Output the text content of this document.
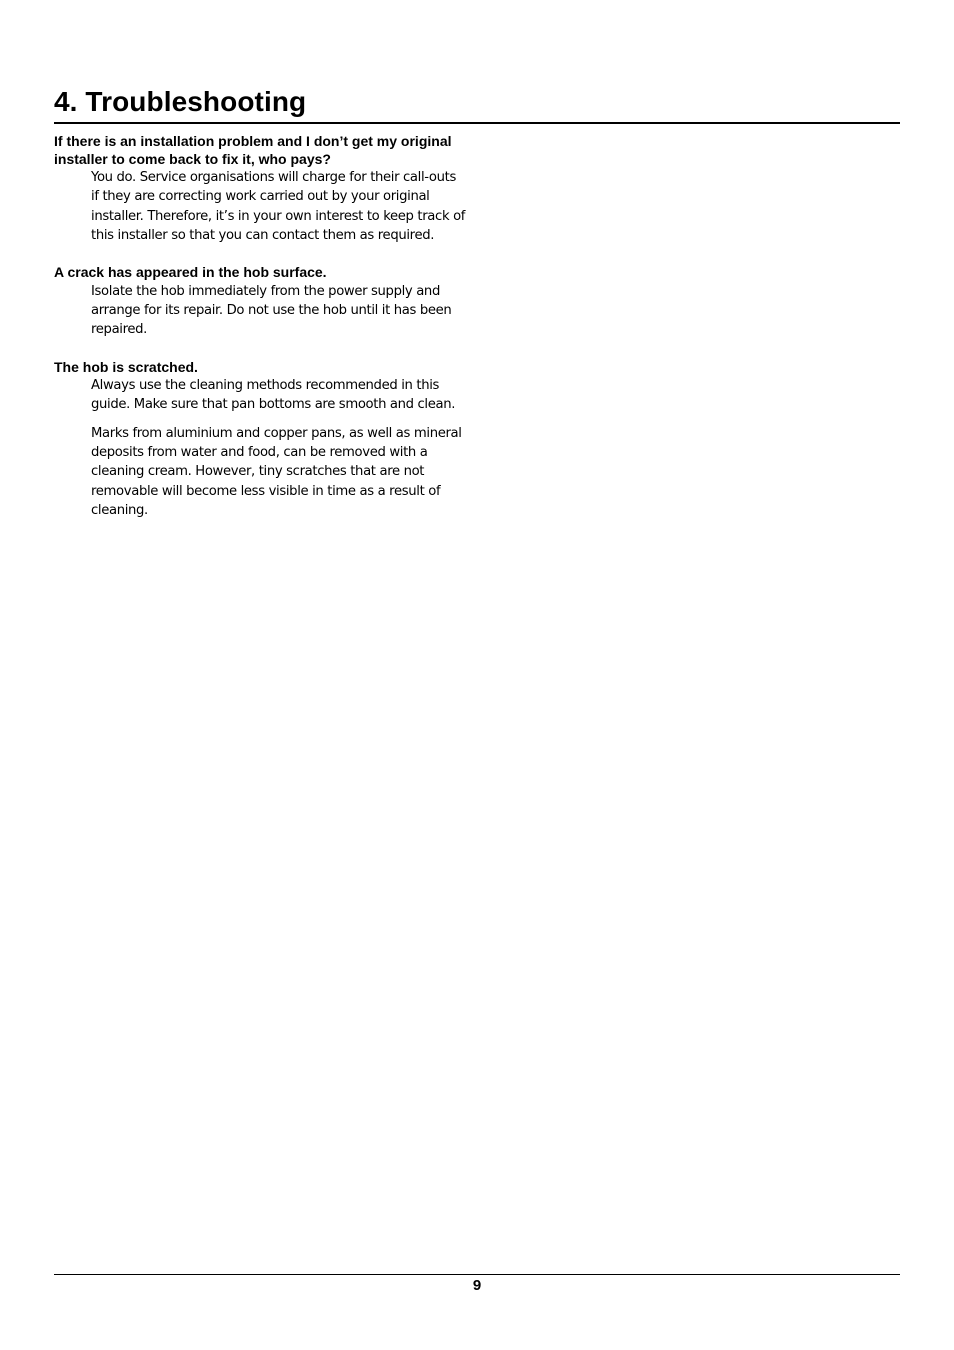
4. Troubleshooting

If there is an installation problem and I don’t get my original installer to come back to fix it, who pays?

You do. Service organisations will charge for their call-outs if they are correcting work carried out by your original installer. Therefore, it’s in your own interest to keep track of this installer so that you can contact them as required.

A crack has appeared in the hob surface.

Isolate the hob immediately from the power supply and arrange for its repair. Do not use the hob until it has been repaired.

The hob is scratched.

Always use the cleaning methods recommended in this guide. Make sure that pan bottoms are smooth and clean.

Marks from aluminium and copper pans, as well as mineral deposits from water and food, can be removed with a cleaning cream. However, tiny scratches that are not removable will become less visible in time as a result of cleaning.

9
